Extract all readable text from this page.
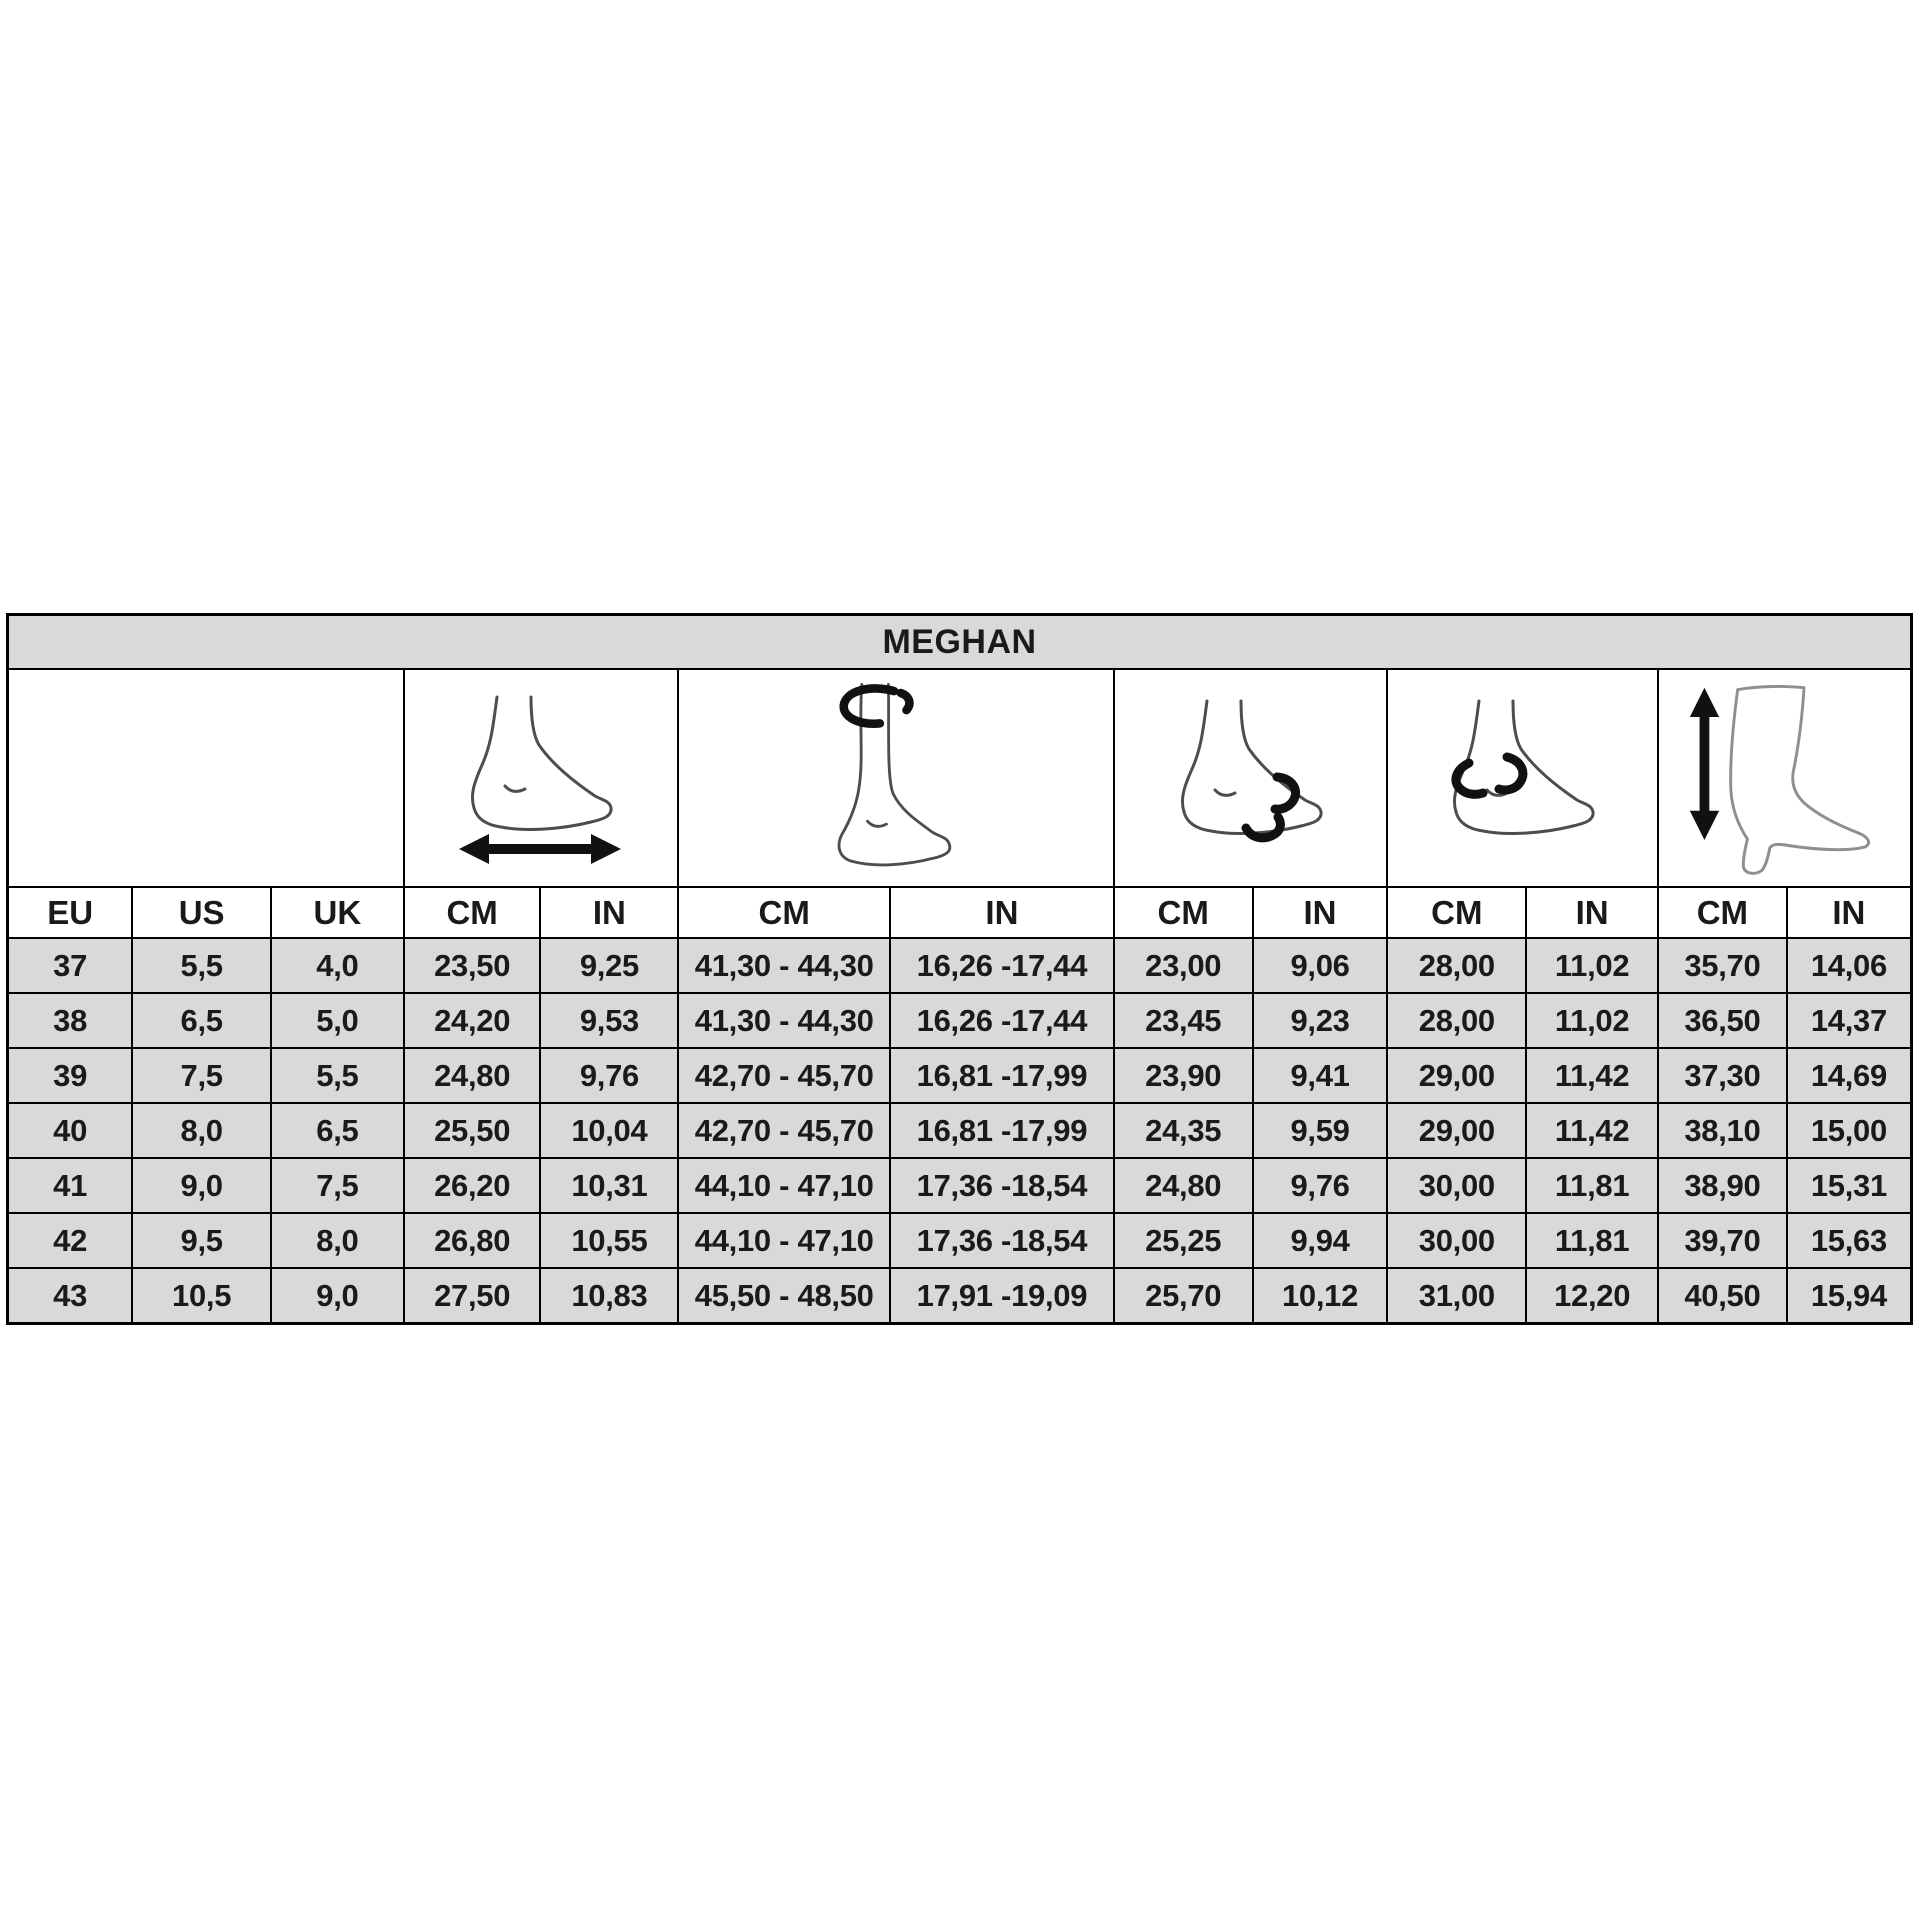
MEGHAN												

EU	US	UK	CM	IN	CM	IN	CM	IN	CM	IN	CM	IN
37	5,5	4,0	23,50	9,25	41,30 - 44,30	16,26 -17,44	23,00	9,06	28,00	11,02	35,70	14,06
38	6,5	5,0	24,20	9,53	41,30 - 44,30	16,26 -17,44	23,45	9,23	28,00	11,02	36,50	14,37
39	7,5	5,5	24,80	9,76	42,70 - 45,70	16,81 -17,99	23,90	9,41	29,00	11,42	37,30	14,69
40	8,0	6,5	25,50	10,04	42,70 - 45,70	16,81 -17,99	24,35	9,59	29,00	11,42	38,10	15,00
41	9,0	7,5	26,20	10,31	44,10 - 47,10	17,36 -18,54	24,80	9,76	30,00	11,81	38,90	15,31
42	9,5	8,0	26,80	10,55	44,10 - 47,10	17,36 -18,54	25,25	9,94	30,00	11,81	39,70	15,63
43	10,5	9,0	27,50	10,83	45,50 - 48,50	17,91 -19,09	25,70	10,12	31,00	12,20	40,50	15,94
